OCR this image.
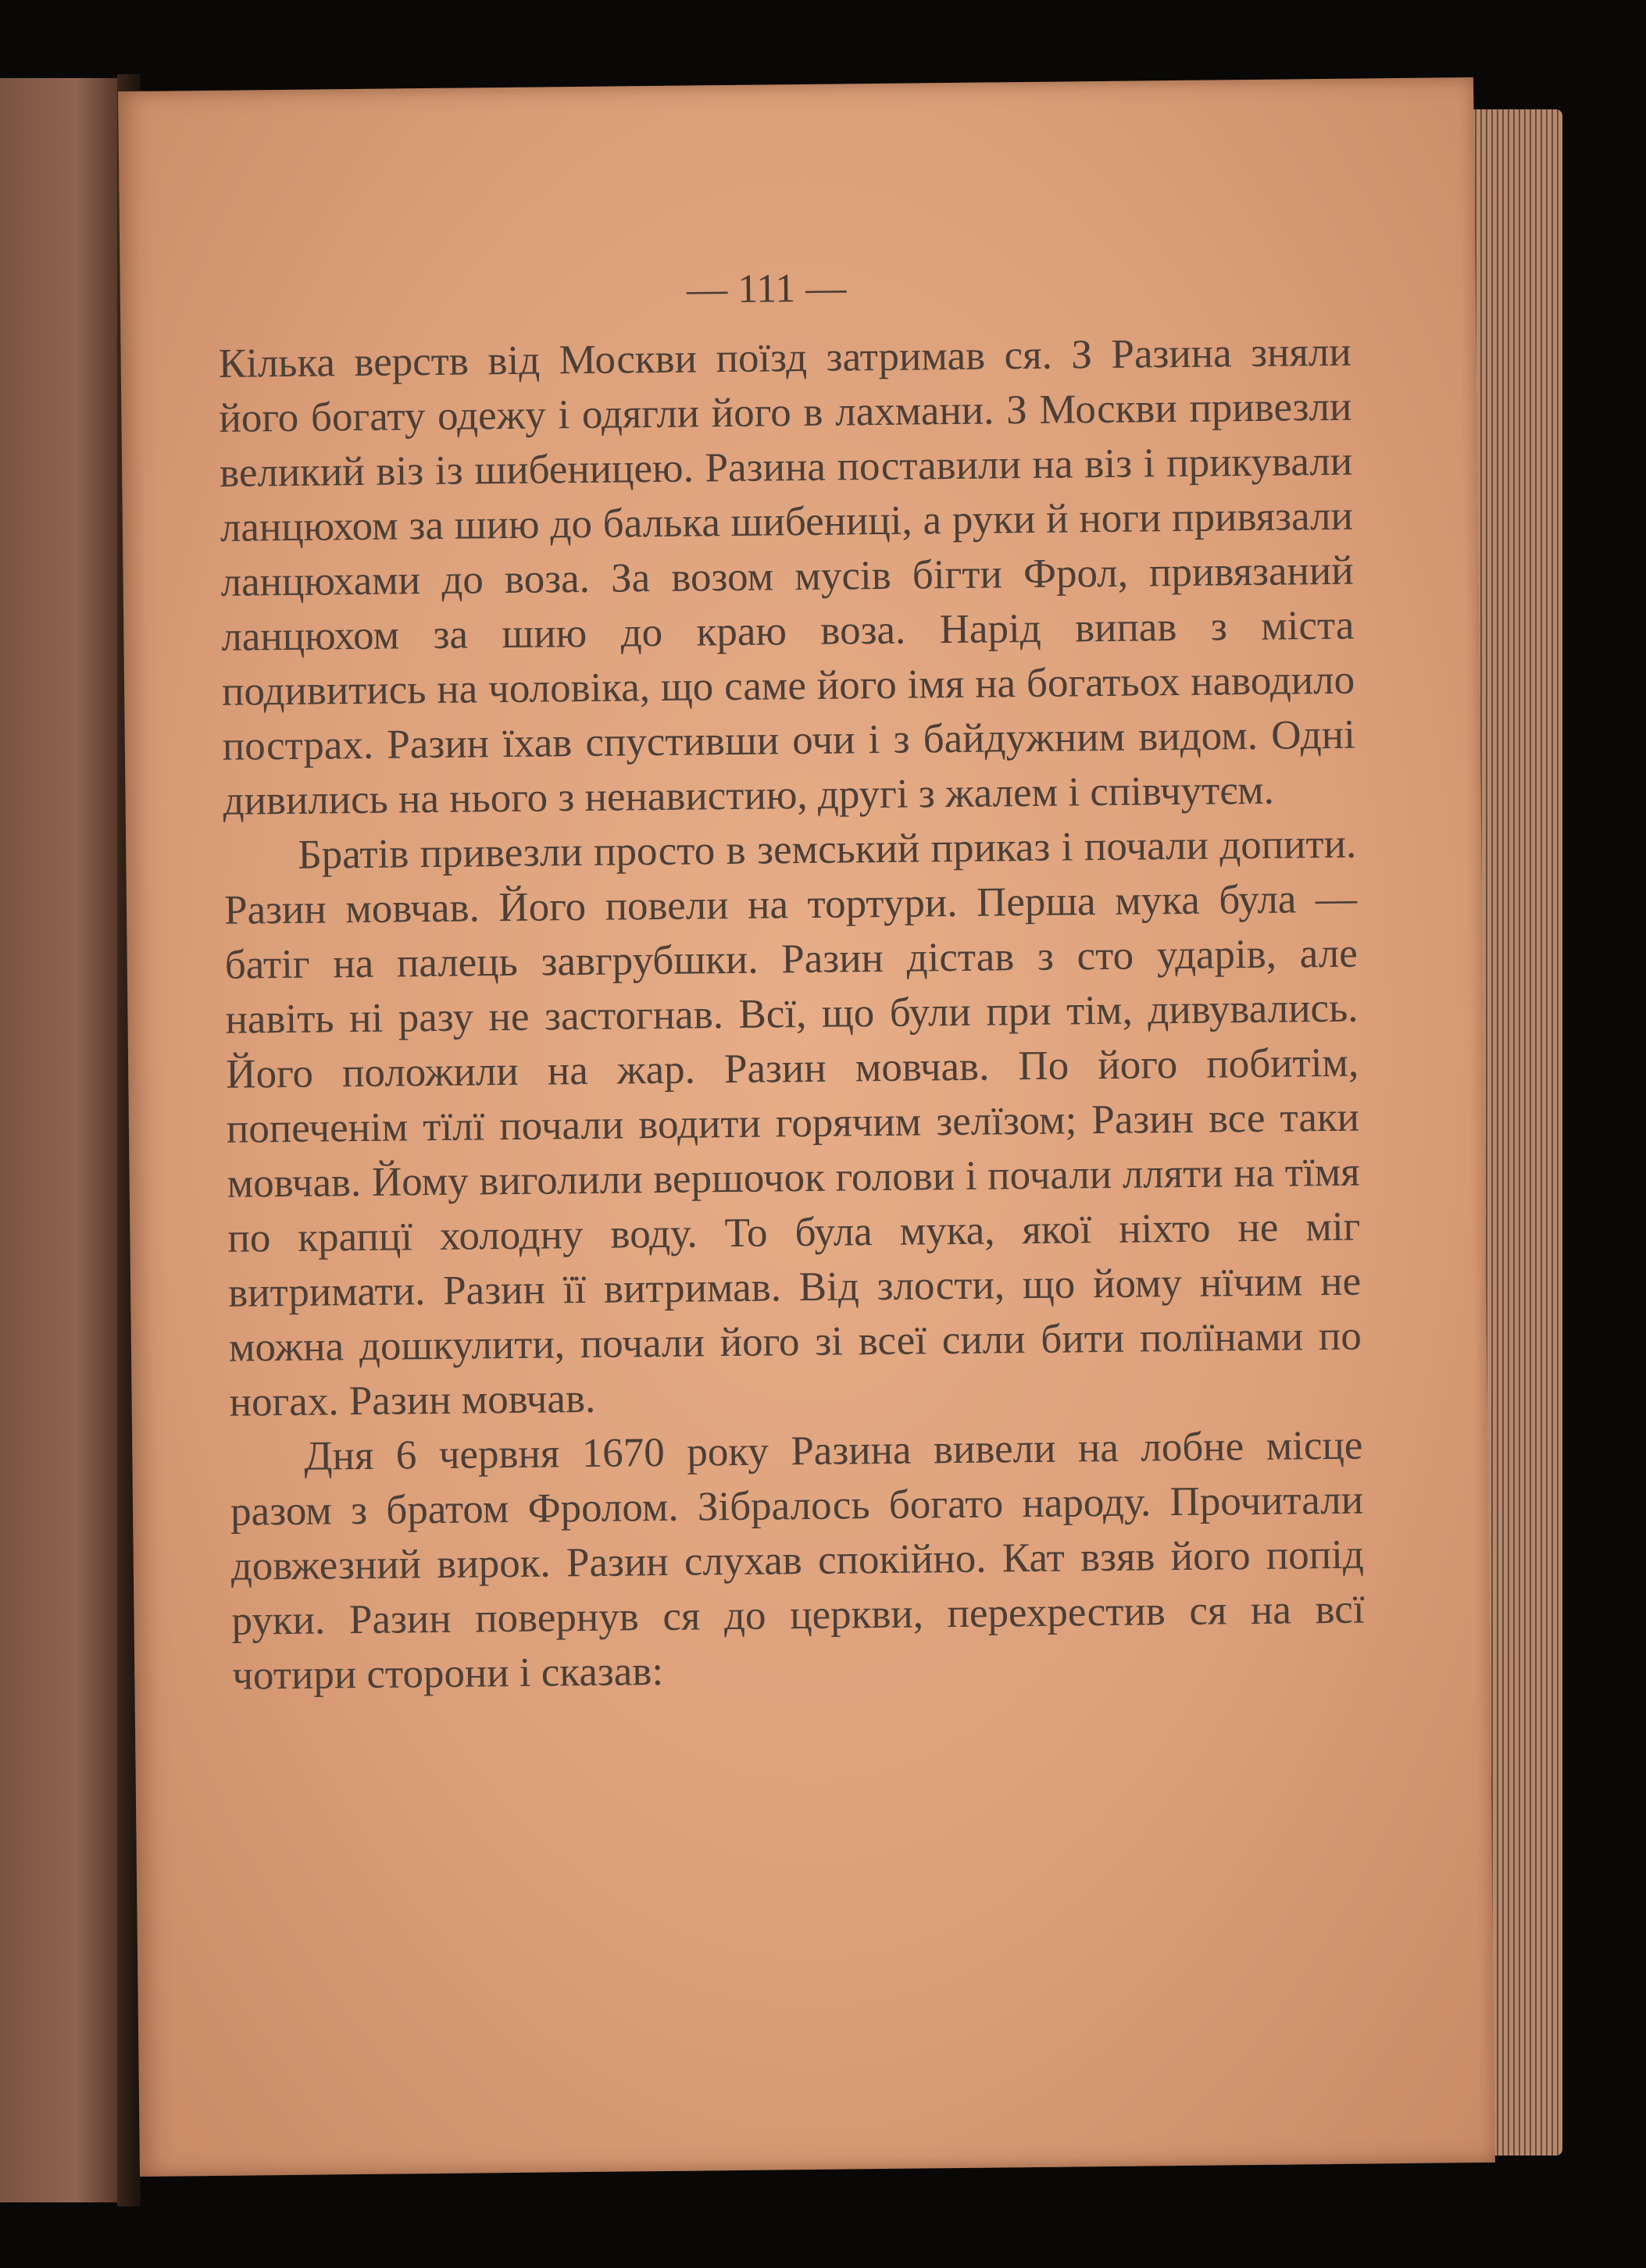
— 111 —

Кілька верств від Москви поїзд затримав ся. З Разина зняли його богату одежу і одягли його в лахмани. З Москви привезли великий віз із шибеницею. Разина поставили на віз і прикували ланцюхом за шию до балька шибениці, а руки й ноги привязали ланцюхами до воза. За возом мусів бігти Фрол, привязаний ланцюхом за шию до краю воза. Нарід випав з міста подивитись на чоловіка, що саме його імя на богатьох наводило пострах. Разин їхав спустивши очи і з байдужним видом. Одні дивились на нього з ненавистию, другі з жалем і співчутєм.

Братів привезли просто в земський приказ і почали допити. Разин мовчав. Його повели на тортури. Перша мука була — батіг на палець завгрубшки. Разин дістав з сто ударів, але навіть ні разу не застогнав. Всї, що були при тім, дивувались. Його положили на жар. Разин мовчав. По його побитім, попеченім тїлї почали водити горячим зелїзом; Разин все таки мовчав. Йому виголили вершочок голови і почали лляти на тїмя по крапцї холодну воду. То була мука, якої ніхто не міг витримати. Разин її витримав. Від злости, що йому нїчим не можна дошкулити, почали його зі всеї сили бити полїнами по ногах. Разин мовчав.

Дня 6 червня 1670 року Разина вивели на лобне місце разом з братом Фролом. Зібралось богато народу. Прочитали довжезний вирок. Разин слухав спокійно. Кат взяв його попід руки. Разин повернув ся до церкви, перехрестив ся на всї чотири сторони і сказав:
